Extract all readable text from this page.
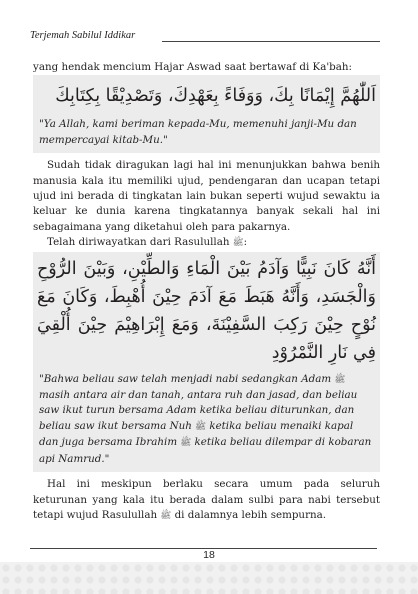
Terjemah Sabilul Iddikar

yang hendak mencium Hajar Aswad saat bertawaf di Ka'bah:

اَللّٰهُمَّ إِيْمَانًا بِكَ، وَوَفَاءً بِعَهْدِكَ، وَتَصْدِيْقًا بِكِتَابِكَ
"Ya Allah, kami beriman kepada-Mu, memenuhi janji-Mu dan mempercayai kitab-Mu."

Sudah tidak diragukan lagi hal ini menunjukkan bahwa benih manusia kala itu memiliki ujud, pendengaran dan ucapan tetapi ujud ini berada di tingkatan lain bukan seperti wujud sewaktu ia keluar ke dunia karena tingkatannya banyak sekali hal ini sebagaimana yang diketahui oleh para pakarnya.

Telah diriwayatkan dari Rasulullah ﷺ:

أَنَّهُ كَانَ نَبِيًّا وَآدَمُ بَيْنَ الْمَاءِ وَالطِّيْنِ، وَبَيْنَ الرُّوْحِ وَالْجَسَدِ، وَأَنَّهُ هَبَطَ مَعَ آدَمَ حِيْنَ أُهْبِطَ، وَكَانَ مَعَ نُوْحٍ حِيْنَ رَكِبَ السَّفِيْنَةَ، وَمَعَ إِبْرَاهِيْمَ حِيْنَ أُلْقِيَ فِي نَارِ النَّمْرُوْدِ
"Bahwa beliau saw telah menjadi nabi sedangkan Adam ﷺ masih antara air dan tanah, antara ruh dan jasad, dan beliau saw ikut turun bersama Adam ketika beliau diturunkan, dan beliau saw ikut bersama Nuh ﷺ ketika beliau menaiki kapal dan juga bersama Ibrahim ﷺ ketika beliau dilempar di kobaran api Namrud."

Hal ini meskipun berlaku secara umum pada seluruh keturunan yang kala itu berada dalam sulbi para nabi tersebut tetapi wujud Rasulullah ﷺ di dalamnya lebih sempurna.

18
